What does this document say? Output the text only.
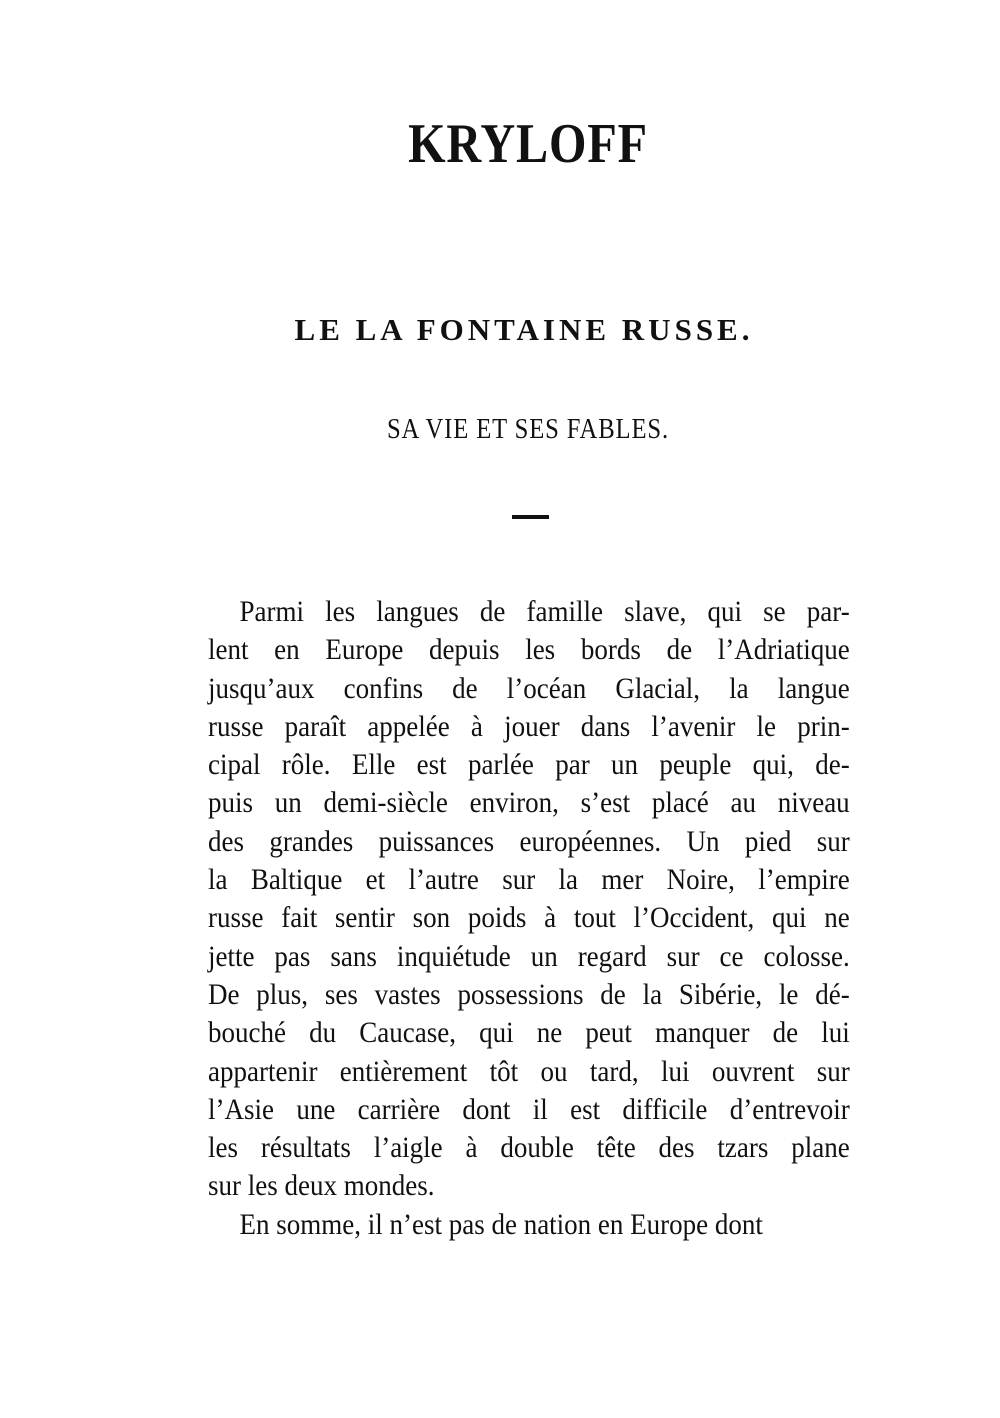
KRYLOFF
LE LA FONTAINE RUSSE.
SA VIE ET SES FABLES.
Parmi les langues de famille slave, qui se par-
lent en Europe depuis les bords de l’Adriatique
jusqu’aux confins de l’océan Glacial, la langue
russe paraît appelée à jouer dans l’avenir le prin-
cipal rôle. Elle est parlée par un peuple qui, de-
puis un demi-siècle environ, s’est placé au niveau
des grandes puissances européennes. Un pied sur
la Baltique et l’autre sur la mer Noire, l’empire
russe fait sentir son poids à tout l’Occident, qui ne
jette pas sans inquiétude un regard sur ce colosse.
De plus, ses vastes possessions de la Sibérie, le dé-
bouché du Caucase, qui ne peut manquer de lui
appartenir entièrement tôt ou tard, lui ouvrent sur
l’Asie une carrière dont il est difficile d’entrevoir
les résultats l’aigle à double tête des tzars plane
sur les deux mondes.
En somme, il n’est pas de nation en Europe dont
